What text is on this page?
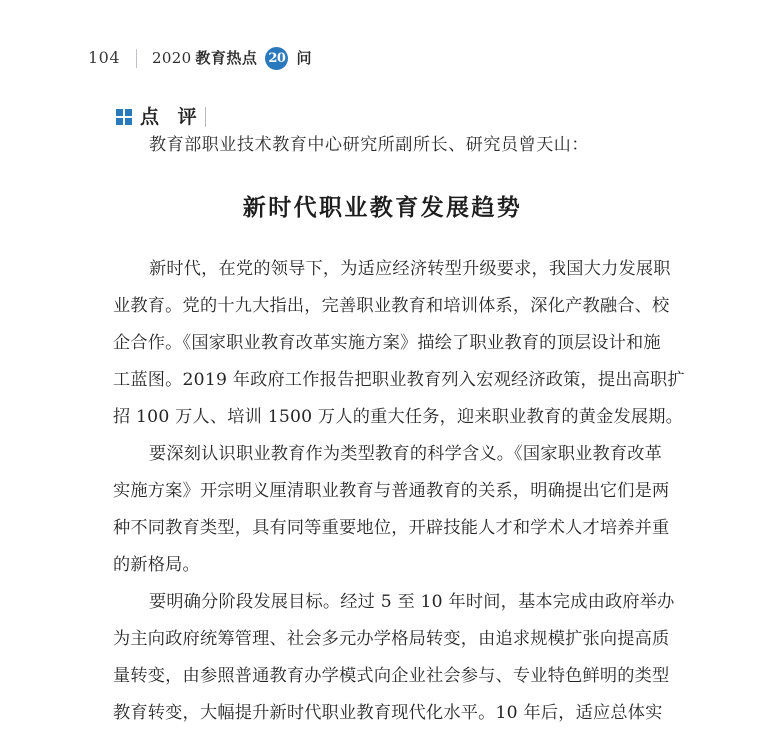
104 2020 教育热点 20 问
点 评
教育部职业技术教育中心研究所副所长、研究员曾天山：
新时代职业教育发展趋势
新时代，在党的领导下，为适应经济转型升级要求，我国大力发展职
业教育。党的十九大指出，完善职业教育和培训体系，深化产教融合、校
企合作。《国家职业教育改革实施方案》描绘了职业教育的顶层设计和施
工蓝图。2019 年政府工作报告把职业教育列入宏观经济政策，提出高职扩
招 100 万人、培训 1500 万人的重大任务，迎来职业教育的黄金发展期。
要深刻认识职业教育作为类型教育的科学含义。《国家职业教育改革
实施方案》开宗明义厘清职业教育与普通教育的关系，明确提出它们是两
种不同教育类型，具有同等重要地位，开辟技能人才和学术人才培养并重
的新格局。
要明确分阶段发展目标。经过 5 至 10 年时间，基本完成由政府举办
为主向政府统筹管理、社会多元办学格局转变，由追求规模扩张向提高质
量转变，由参照普通教育办学模式向企业社会参与、专业特色鲜明的类型
教育转变，大幅提升新时代职业教育现代化水平。10 年后，适应总体实
